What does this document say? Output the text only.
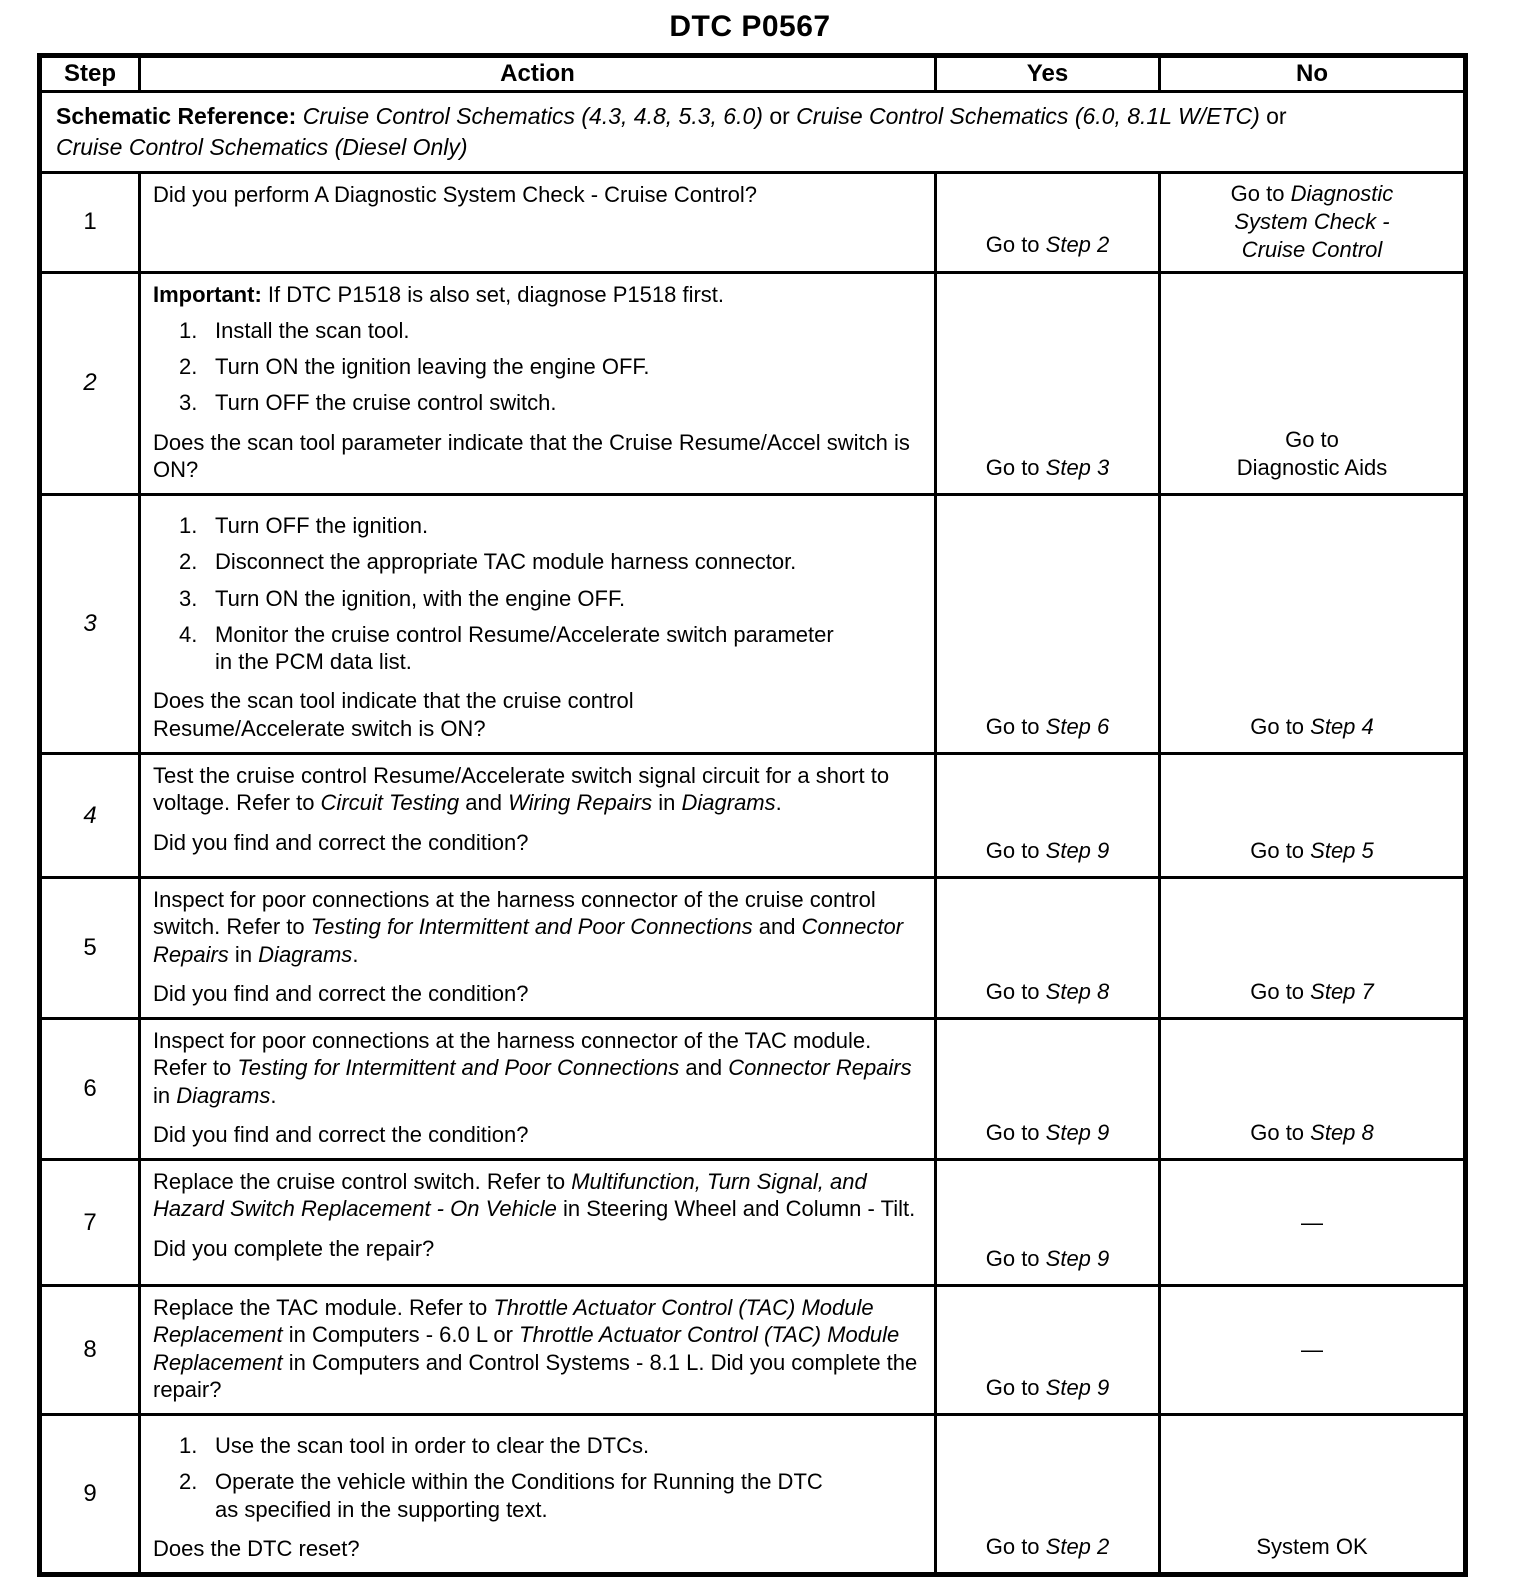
DTC P0567
Step	Action	Yes	No
Schematic Reference: Cruise Control Schematics (4.3, 4.8, 5.3, 6.0) or Cruise Control Schematics (6.0, 8.1L W/ETC) or
Cruise Control Schematics (Diesel Only)			
1	Did you perform A Diagnostic System Check - Cruise Control?	Go to Step 2	Go to Diagnostic
System Check -
Cruise Control
2	
Important: If DTC P1518 is also set, diagnose P1518 first.
1. Install the scan tool.
2. Turn ON the ignition leaving the engine OFF.
3. Turn OFF the cruise control switch.
Does the scan tool parameter indicate that the Cruise Resume/Accel switch is ON?	Go to Step 3	Go to
Diagnostic Aids
3	
1. Turn OFF the ignition.
2. Disconnect the appropriate TAC module harness connector.
3. Turn ON the ignition, with the engine OFF.
4. Monitor the cruise control Resume/Accelerate switch parameter
in the PCM data list.
Does the scan tool indicate that the cruise control
Resume/Accelerate switch is ON?	Go to Step 6	Go to Step 4
4	Test the cruise control Resume/Accelerate switch signal circuit for a short to voltage. Refer to Circuit Testing and Wiring Repairs in Diagrams.
Did you find and correct the condition?	Go to Step 9	Go to Step 5
5	Inspect for poor connections at the harness connector of the cruise control switch. Refer to Testing for Intermittent and Poor Connections and Connector Repairs in Diagrams.
Did you find and correct the condition?	Go to Step 8	Go to Step 7
6	Inspect for poor connections at the harness connector of the TAC module. Refer to Testing for Intermittent and Poor Connections and Connector Repairs in Diagrams.
Did you find and correct the condition?	Go to Step 9	Go to Step 8
7	Replace the cruise control switch. Refer to Multifunction, Turn Signal, and Hazard Switch Replacement - On Vehicle in Steering Wheel and Column - Tilt.
Did you complete the repair?	Go to Step 9	—
8	Replace the TAC module. Refer to Throttle Actuator Control (TAC) Module Replacement in Computers - 6.0 L or Throttle Actuator Control (TAC) Module Replacement in Computers and Control Systems - 8.1 L. Did you complete the repair?	Go to Step 9	—
9	
1. Use the scan tool in order to clear the DTCs.
2. Operate the vehicle within the Conditions for Running the DTC
as specified in the supporting text.
Does the DTC reset?	Go to Step 2	System OK
